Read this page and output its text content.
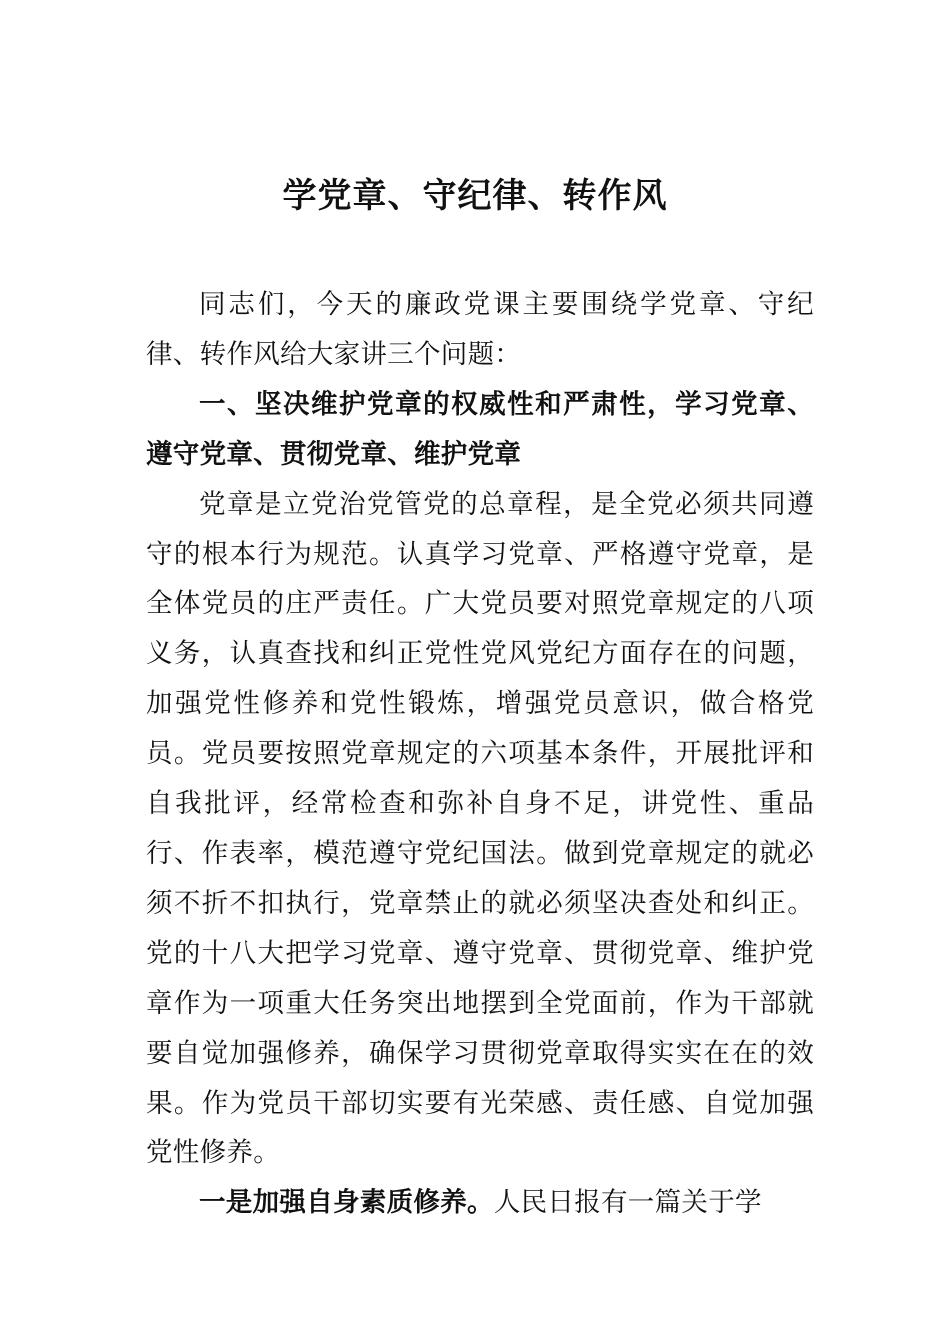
学党章、守纪律、转作风

同志们，今天的廉政党课主要围绕学党章、守纪律、转作风给大家讲三个问题：

一、坚决维护党章的权威性和严肃性，学习党章、遵守党章、贯彻党章、维护党章

党章是立党治党管党的总章程，是全党必须共同遵守的根本行为规范。认真学习党章、严格遵守党章，是全体党员的庄严责任。广大党员要对照党章规定的八项义务，认真查找和纠正党性党风党纪方面存在的问题，加强党性修养和党性锻炼，增强党员意识，做合格党员。党员要按照党章规定的六项基本条件，开展批评和自我批评，经常检查和弥补自身不足，讲党性、重品行、作表率，模范遵守党纪国法。做到党章规定的就必须不折不扣执行，党章禁止的就必须坚决查处和纠正。党的十八大把学习党章、遵守党章、贯彻党章、维护党章作为一项重大任务突出地摆到全党面前，作为干部就要自觉加强修养，确保学习贯彻党章取得实实在在的效果。作为党员干部切实要有光荣感、责任感、自觉加强党性修养。

一是加强自身素质修养。人民日报有一篇关于学
